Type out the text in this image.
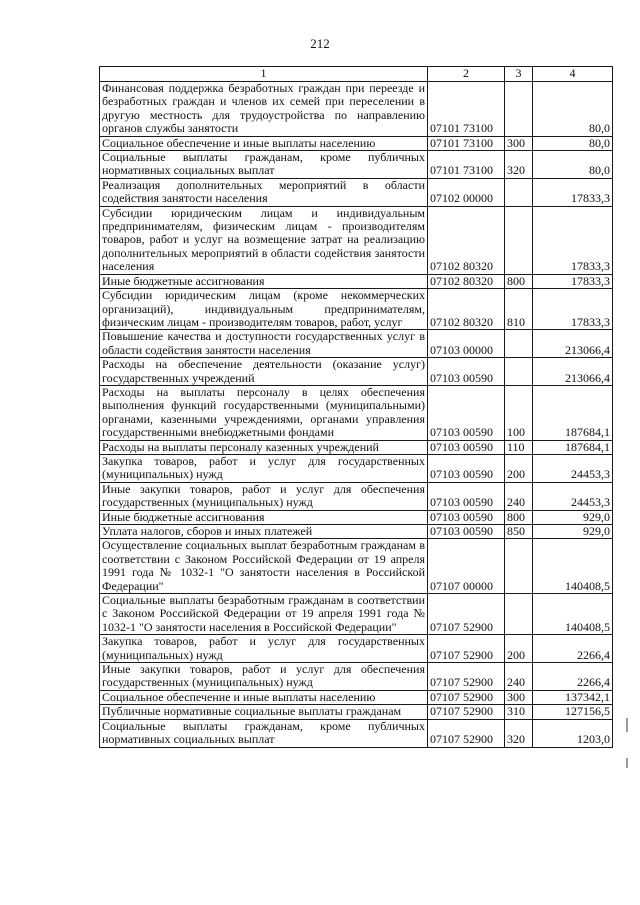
212
1	2	3	4
Финансовая поддержка безработных граждан при переезде и безработных граждан и членов их семей при переселении в другую местность для трудоустройства по направлению органов службы занятости	07101 73100		80,0
Социальное обеспечение и иные выплаты населению	07101 73100	300	80,0
Социальные выплаты гражданам, кроме публичных нормативных социальных выплат	07101 73100	320	80,0
Реализация дополнительных мероприятий в области содействия занятости населения	07102 00000		17833,3
Субсидии юридическим лицам и индивидуальным предпринимателям, физическим лицам - производителям товаров, работ и услуг на возмещение затрат на реализацию дополнительных мероприятий в области содействия занятости населения	07102 80320		17833,3
Иные бюджетные ассигнования	07102 80320	800	17833,3
Субсидии юридическим лицам (кроме некоммерческих организаций), индивидуальным предпринимателям, физическим лицам - производителям товаров, работ, услуг	07102 80320	810	17833,3
Повышение качества и доступности государственных услуг в области содействия занятости населения	07103 00000		213066,4
Расходы на обеспечение деятельности (оказание услуг) государственных учреждений	07103 00590		213066,4
Расходы на выплаты персоналу в целях обеспечения выполнения функций государственными (муниципальными) органами, казенными учреждениями, органами управления государственными внебюджетными фондами	07103 00590	100	187684,1
Расходы на выплаты персоналу казенных учреждений	07103 00590	110	187684,1
Закупка товаров, работ и услуг для государственных (муниципальных) нужд	07103 00590	200	24453,3
Иные закупки товаров, работ и услуг для обеспечения государственных (муниципальных) нужд	07103 00590	240	24453,3
Иные бюджетные ассигнования	07103 00590	800	929,0
Уплата налогов, сборов и иных платежей	07103 00590	850	929,0
Осуществление социальных выплат безработным гражданам в соответствии с Законом Российской Федерации от 19 апреля 1991 года № 1032-1 "О занятости населения в Российской Федерации"	07107 00000		140408,5
Социальные выплаты безработным гражданам в соответствии с Законом Российской Федерации от 19 апреля 1991 года № 1032-1 "О занятости населения в Российской Федерации"	07107 52900		140408,5
Закупка товаров, работ и услуг для государственных (муниципальных) нужд	07107 52900	200	2266,4
Иные закупки товаров, работ и услуг для обеспечения государственных (муниципальных) нужд	07107 52900	240	2266,4
Социальное обеспечение и иные выплаты населению	07107 52900	300	137342,1
Публичные нормативные социальные выплаты гражданам	07107 52900	310	127156,5
Социальные выплаты гражданам, кроме публичных нормативных социальных выплат	07107 52900	320	1203,0
